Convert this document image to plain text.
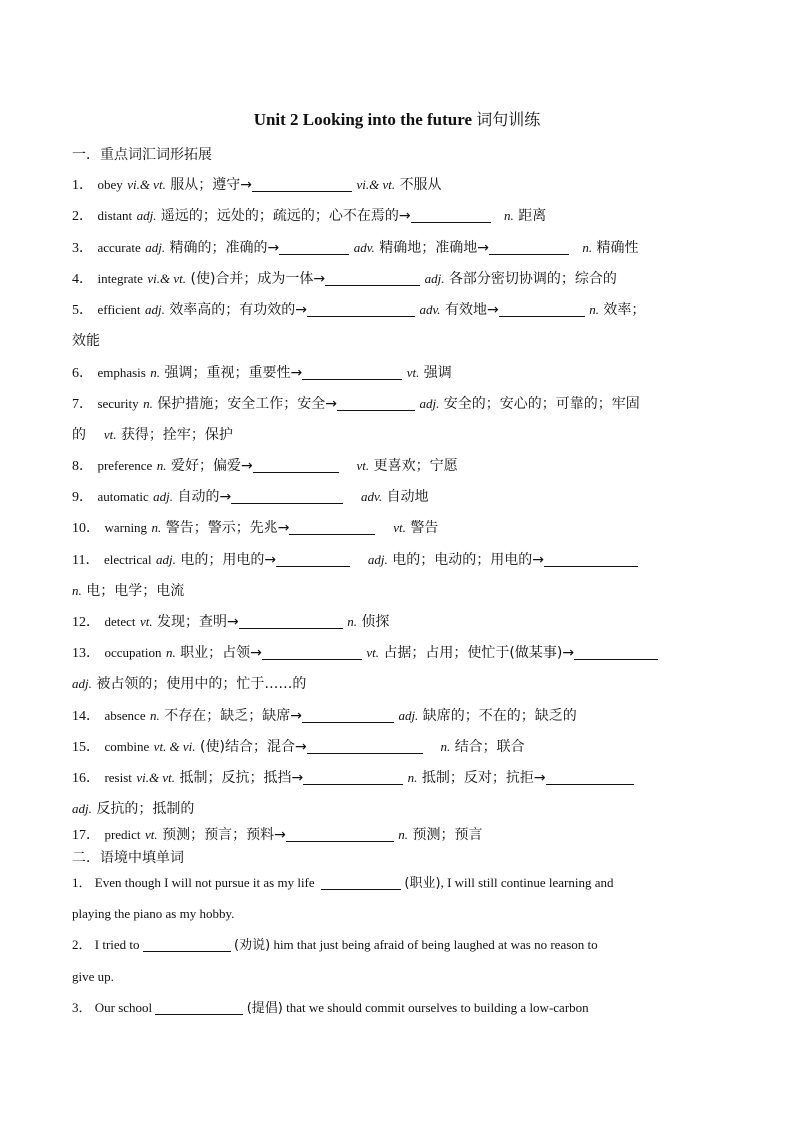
Unit 2 Looking into the future 词句训练
一．重点词汇词形拓展
1． obey vi.& vt. 服从；遵守→	vi.& vt. 不服从
2． distant adj. 遥远的；远处的；疏远的；心不在焉的→	n. 距离
3． accurate adj. 精确的；准确的→	adv. 精确地；准确地→	n. 精确性
4． integrate vi.& vt. (使)合并；成为一体→	adj. 各部分密切协调的；综合的
5． efficient adj. 效率高的；有功效的→	adv. 有效地→	n. 效率；
效能
6． emphasis n. 强调；重视；重要性→	vt. 强调
7． security n. 保护措施；安全工作；安全→	adj. 安全的；安心的；可靠的；牢固
的 vt. 获得；拴牢；保护
8． preference n. 爱好；偏爱→	vt. 更喜欢；宁愿
9． automatic adj. 自动的→	adv. 自动地
10． warning n. 警告；警示；先兆→	vt. 警告
11． electrical adj. 电的；用电的→	adj. 电的；电动的；用电的→
n. 电；电学；电流
12． detect vt. 发现；查明→	n. 侦探
13． occupation n. 职业；占领→	vt. 占据；占用；使忙于(做某事)→
adj. 被占领的；使用中的；忙于……的
14． absence n. 不存在；缺乏；缺席→	adj. 缺席的；不在的；缺乏的
15． combine vt. & vi. (使)结合；混合→	n. 结合；联合
16． resist vi.& vt. 抵制；反抗；抵挡→	n. 抵制；反对；抗拒→
adj. 反抗的；抵制的
17． predict vt. 预测；预言；预料→	n. 预测；预言
二．语境中填单词
1． Even though I will not pursue it as my life	(职业), I will still continue learning and
playing the piano as my hobby.
2． I tried to	(劝说) him that just being afraid of being laughed at was no reason to
give up.
3． Our school	(提倡) that we should commit ourselves to building a low-carbon
